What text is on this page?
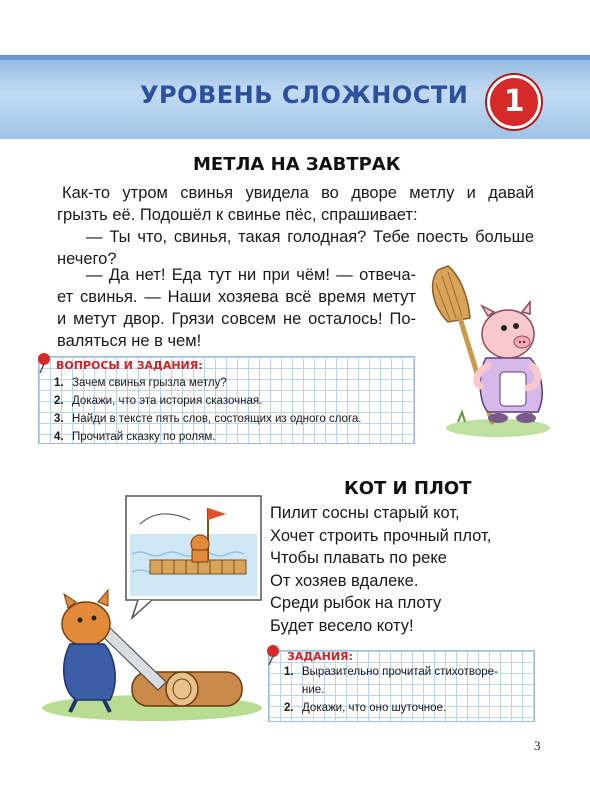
УРОВЕНЬ СЛОЖНОСТИ	1
МЕТЛА НА ЗАВТРАК
Как-то утром свинья увидела во дворе метлу и давай
грызть её. Подошёл к свинье пёс, спрашивает:
— Ты что, свинья, такая голодная? Тебе поесть больше
нечего?
— Да нет! Еда тут ни при чём! — отвеча-
ет свинья. — Наши хозяева всё время метут
и метут двор. Грязи совсем не осталось! По-
валяться не в чем!
ВОПРОСЫ И ЗАДАНИЯ:
1. Зачем свинья грызла метлу?
2. Докажи, что эта история сказочная.
3. Найди в тексте пять слов, состоящих из одного слога.
4. Прочитай сказку по ролям.
КОТ И ПЛОТ
Пилит сосны старый кот,
Хочет строить прочный плот,
Чтобы плавать по реке
От хозяев вдалеке.
Среди рыбок на плоту
Будет весело коту!
ЗАДАНИЯ:
1. Выразительно прочитай стихотворе-
ние.
2. Докажи, что оно шуточное.
3
